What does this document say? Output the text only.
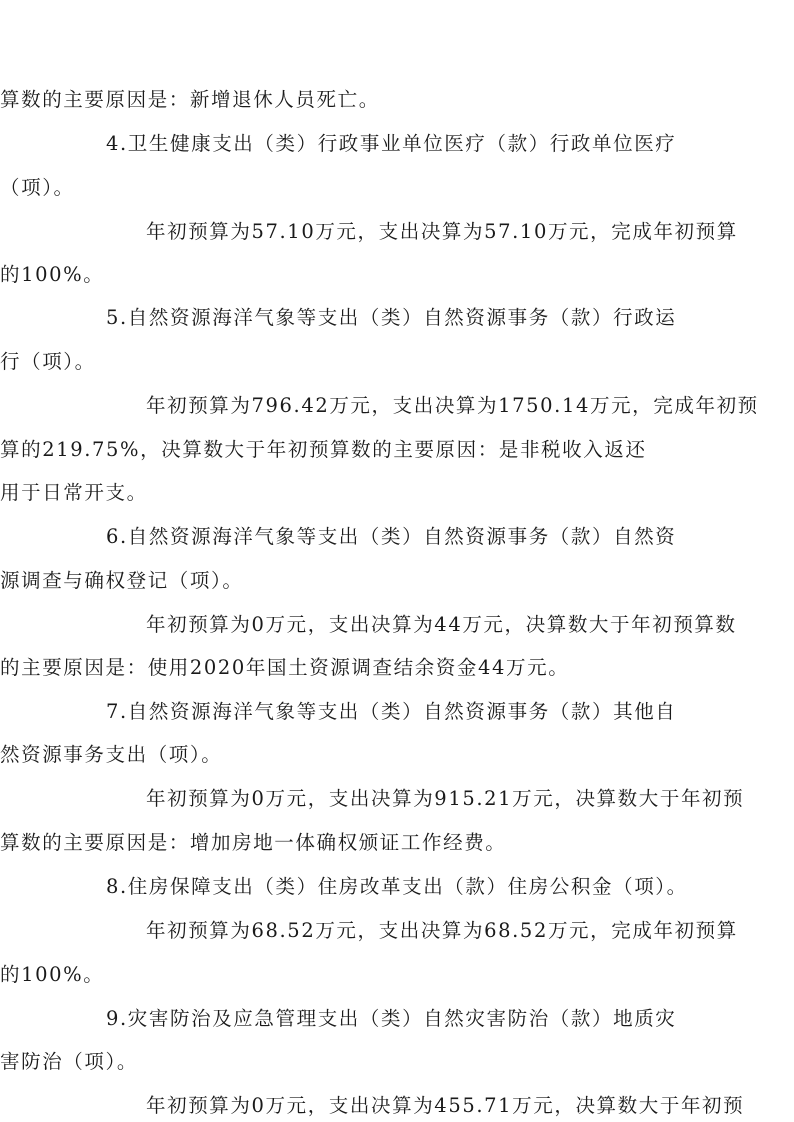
算数的主要原因是：新增退休人员死亡。
4.卫生健康支出（类）行政事业单位医疗（款）行政单位医疗
（项）。
年初预算为57.10万元，支出决算为57.10万元，完成年初预算
的100%。
5.自然资源海洋气象等支出（类）自然资源事务（款）行政运
行（项）。
年初预算为796.42万元，支出决算为1750.14万元，完成年初预
算的219.75%，决算数大于年初预算数的主要原因：是非税收入返还
用于日常开支。
6.自然资源海洋气象等支出（类）自然资源事务（款）自然资
源调查与确权登记（项）。
年初预算为0万元，支出决算为44万元，决算数大于年初预算数
的主要原因是：使用2020年国土资源调查结余资金44万元。
7.自然资源海洋气象等支出（类）自然资源事务（款）其他自
然资源事务支出（项）。
年初预算为0万元，支出决算为915.21万元，决算数大于年初预
算数的主要原因是：增加房地一体确权颁证工作经费。
8.住房保障支出（类）住房改革支出（款）住房公积金（项）。
年初预算为68.52万元，支出决算为68.52万元，完成年初预算
的100%。
9.灾害防治及应急管理支出（类）自然灾害防治（款）地质灾
害防治（项）。
年初预算为0万元，支出决算为455.71万元，决算数大于年初预
